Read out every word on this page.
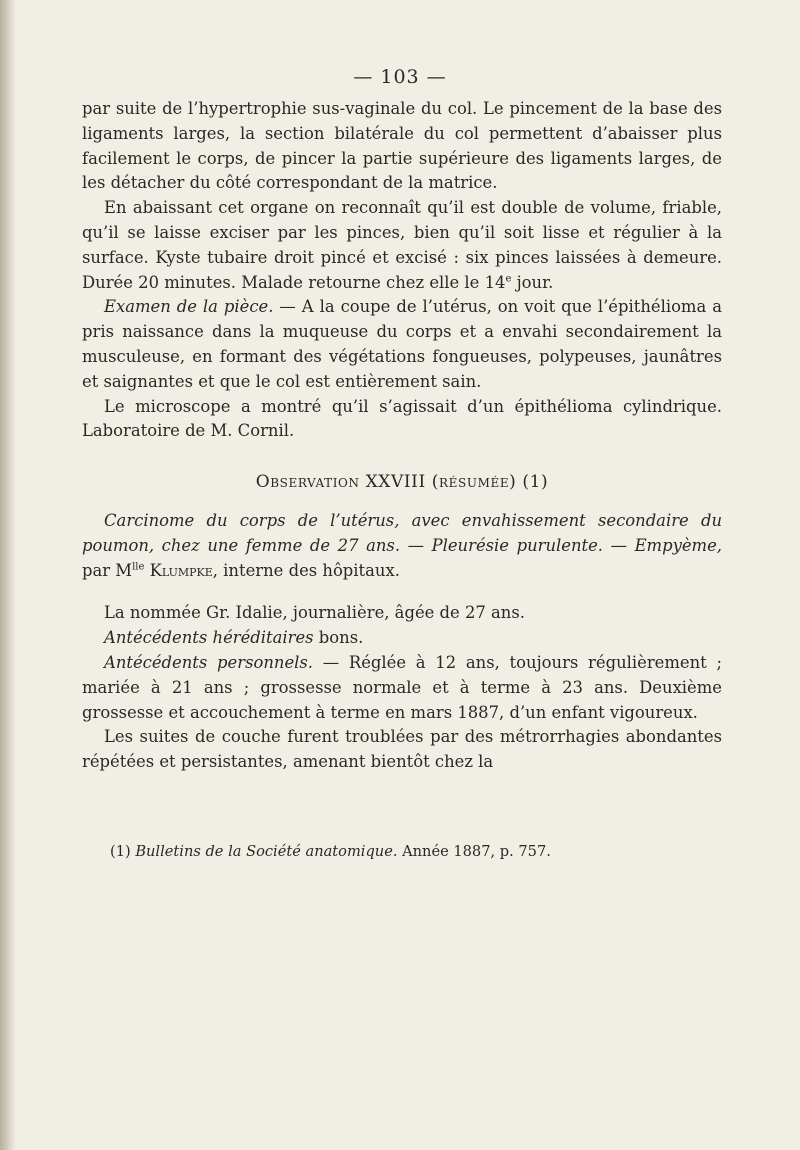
— 103 —

par suite de l’hypertrophie sus-vaginale du col. Le pincement de la base des ligaments larges, la section bilatérale du col permettent d’abaisser plus facilement le corps, de pincer la partie supérieure des ligaments larges, de les détacher du côté correspondant de la matrice.

En abaissant cet organe on reconnaît qu’il est double de volume, friable, qu’il se laisse exciser par les pinces, bien qu’il soit lisse et régulier à la surface. Kyste tubaire droit pincé et excisé : six pinces laissées à demeure. Durée 20 minutes. Malade retourne chez elle le 14e jour.

Examen de la pièce. — A la coupe de l’utérus, on voit que l’épithélioma a pris naissance dans la muqueuse du corps et a envahi secondairement la musculeuse, en formant des végétations fongueuses, polypeuses, jaunâtres et saignantes et que le col est entièrement sain.

Le microscope a montré qu’il s’agissait d’un épithélioma cylindrique. Laboratoire de M. Cornil.

Observation XXVIII (résumée) (1)

Carcinome du corps de l’utérus, avec envahissement secondaire du poumon, chez une femme de 27 ans. — Pleurésie purulente. — Empyème, par $M^{lle}$ Klumpke, interne des hôpitaux.

La nommée Gr. Idalie, journalière, âgée de 27 ans.

Antécédents héréditaires bons.

Antécédents personnels. — Réglée à 12 ans, toujours régulièrement ; mariée à 21 ans ; grossesse normale et à terme à 23 ans. Deuxième grossesse et accouchement à terme en mars 1887, d’un enfant vigoureux.

Les suites de couche furent troublées par des métrorrhagies abondantes répétées et persistantes, amenant bientôt chez la

(1) Bulletins de la Société anatomique. Année 1887, p. 757.
